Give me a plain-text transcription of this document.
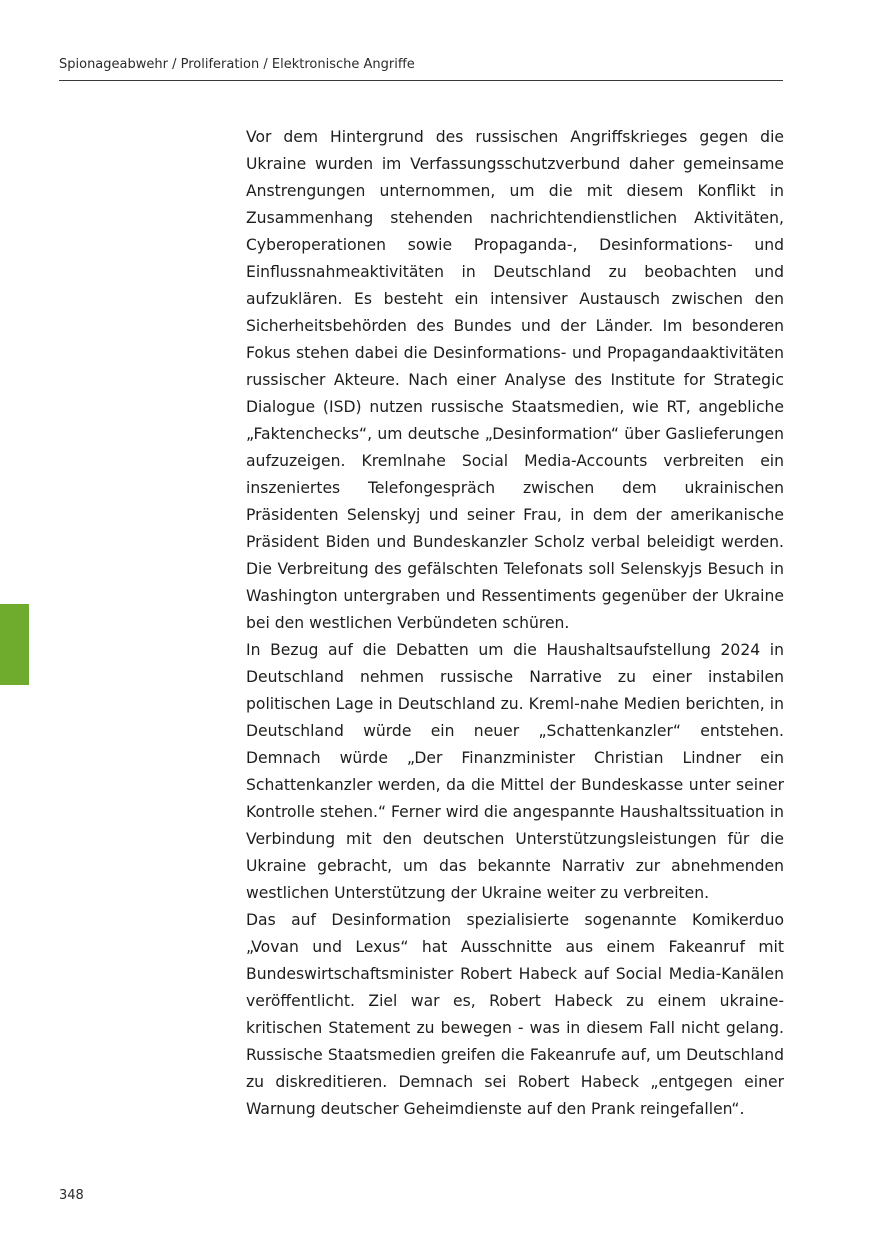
Spionageabwehr / Proliferation / Elektronische Angriffe

Vor dem Hintergrund des russischen Angriffskrieges gegen die Ukraine wurden im Verfassungsschutzverbund daher gemeinsame Anstrengungen unternommen, um die mit diesem Konflikt in Zusammenhang stehenden nachrichtendienstlichen Aktivitäten, Cyberoperationen sowie Propaganda-, Desinformations- und Einflussnahmeaktivitäten in Deutschland zu beobachten und aufzuklären. Es besteht ein intensiver Austausch zwischen den Sicherheitsbehörden des Bundes und der Länder. Im besonderen Fokus stehen dabei die Desinformations- und Propagandaaktivitäten russischer Akteure. Nach einer Analyse des Institute for Strategic Dialogue (ISD) nutzen russische Staatsmedien, wie RT, angebliche „Faktenchecks“, um deutsche „Desinformation“ über Gaslieferungen aufzuzeigen. Kremlnahe Social Media-Accounts verbreiten ein inszeniertes Telefongespräch zwischen dem ukrainischen Präsidenten Selenskyj und seiner Frau, in dem der amerikanische Präsident Biden und Bundeskanzler Scholz verbal beleidigt werden. Die Verbreitung des gefälschten Telefonats soll Selenskyjs Besuch in Washington untergraben und Ressentiments gegenüber der Ukraine bei den westlichen Verbündeten schüren.

In Bezug auf die Debatten um die Haushaltsaufstellung 2024 in Deutschland nehmen russische Narrative zu einer instabilen politischen Lage in Deutschland zu. Kreml-nahe Medien berichten, in Deutschland würde ein neuer „Schattenkanzler“ entstehen. Demnach würde „Der Finanzminister Christian Lindner ein Schattenkanzler werden, da die Mittel der Bundeskasse unter seiner Kontrolle stehen.“ Ferner wird die angespannte Haushaltssituation in Verbindung mit den deutschen Unterstützungsleistungen für die Ukraine gebracht, um das bekannte Narrativ zur abnehmenden westlichen Unterstützung der Ukraine weiter zu verbreiten.

Das auf Desinformation spezialisierte sogenannte Komikerduo „Vovan und Lexus“ hat Ausschnitte aus einem Fakeanruf mit Bundeswirtschaftsminister Robert Habeck auf Social Media-Kanälen veröffentlicht. Ziel war es, Robert Habeck zu einem ukraine-kritischen Statement zu bewegen - was in diesem Fall nicht gelang. Russische Staatsmedien greifen die Fakeanrufe auf, um Deutschland zu diskreditieren. Demnach sei Robert Habeck „entgegen einer Warnung deutscher Geheimdienste auf den Prank reingefallen“.

348
